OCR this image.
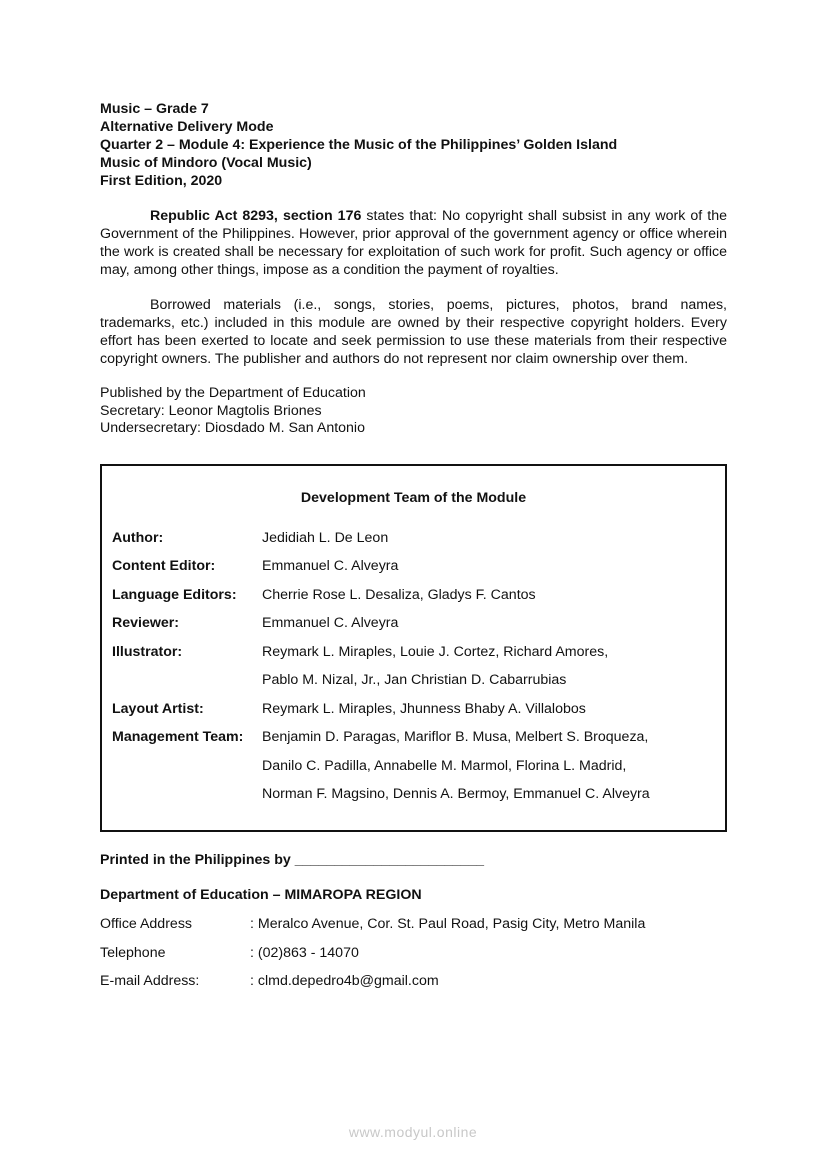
Music – Grade 7
Alternative Delivery Mode
Quarter 2 – Module 4: Experience the Music of the Philippines’ Golden Island
Music of Mindoro (Vocal Music)
First Edition, 2020

Republic Act 8293, section 176 states that: No copyright shall subsist in any work of the Government of the Philippines. However, prior approval of the government agency or office wherein the work is created shall be necessary for exploitation of such work for profit. Such agency or office may, among other things, impose as a condition the payment of royalties.

Borrowed materials (i.e., songs, stories, poems, pictures, photos, brand names, trademarks, etc.) included in this module are owned by their respective copyright holders. Every effort has been exerted to locate and seek permission to use these materials from their respective copyright owners. The publisher and authors do not represent nor claim ownership over them.

Published by the Department of Education
Secretary: Leonor Magtolis Briones
Undersecretary: Diosdado M. San Antonio
Development Team of the Module
Author:	Jedidiah L. De Leon
Content Editor:	Emmanuel C. Alveyra
Language Editors:	Cherrie Rose L. Desaliza, Gladys F. Cantos
Reviewer:	Emmanuel C. Alveyra
Illustrator:	Reymark L. Miraples, Louie J. Cortez, Richard Amores,
Pablo M. Nizal, Jr., Jan Christian D. Cabarrubias
Layout Artist:	Reymark L. Miraples, Jhunness Bhaby A. Villalobos
Management Team:	Benjamin D. Paragas, Mariflor B. Musa, Melbert S. Broqueza,
Danilo C. Padilla, Annabelle M. Marmol, Florina L. Madrid,
Norman F. Magsino, Dennis A. Bermoy, Emmanuel C. Alveyra
Printed in the Philippines by ________________________
Department of Education – MIMAROPA REGION
Office Address	: Meralco Avenue, Cor. St. Paul Road, Pasig City, Metro Manila
Telephone	: (02)863 - 14070
E-mail Address:	: clmd.depedro4b@gmail.com
www.modyul.online
